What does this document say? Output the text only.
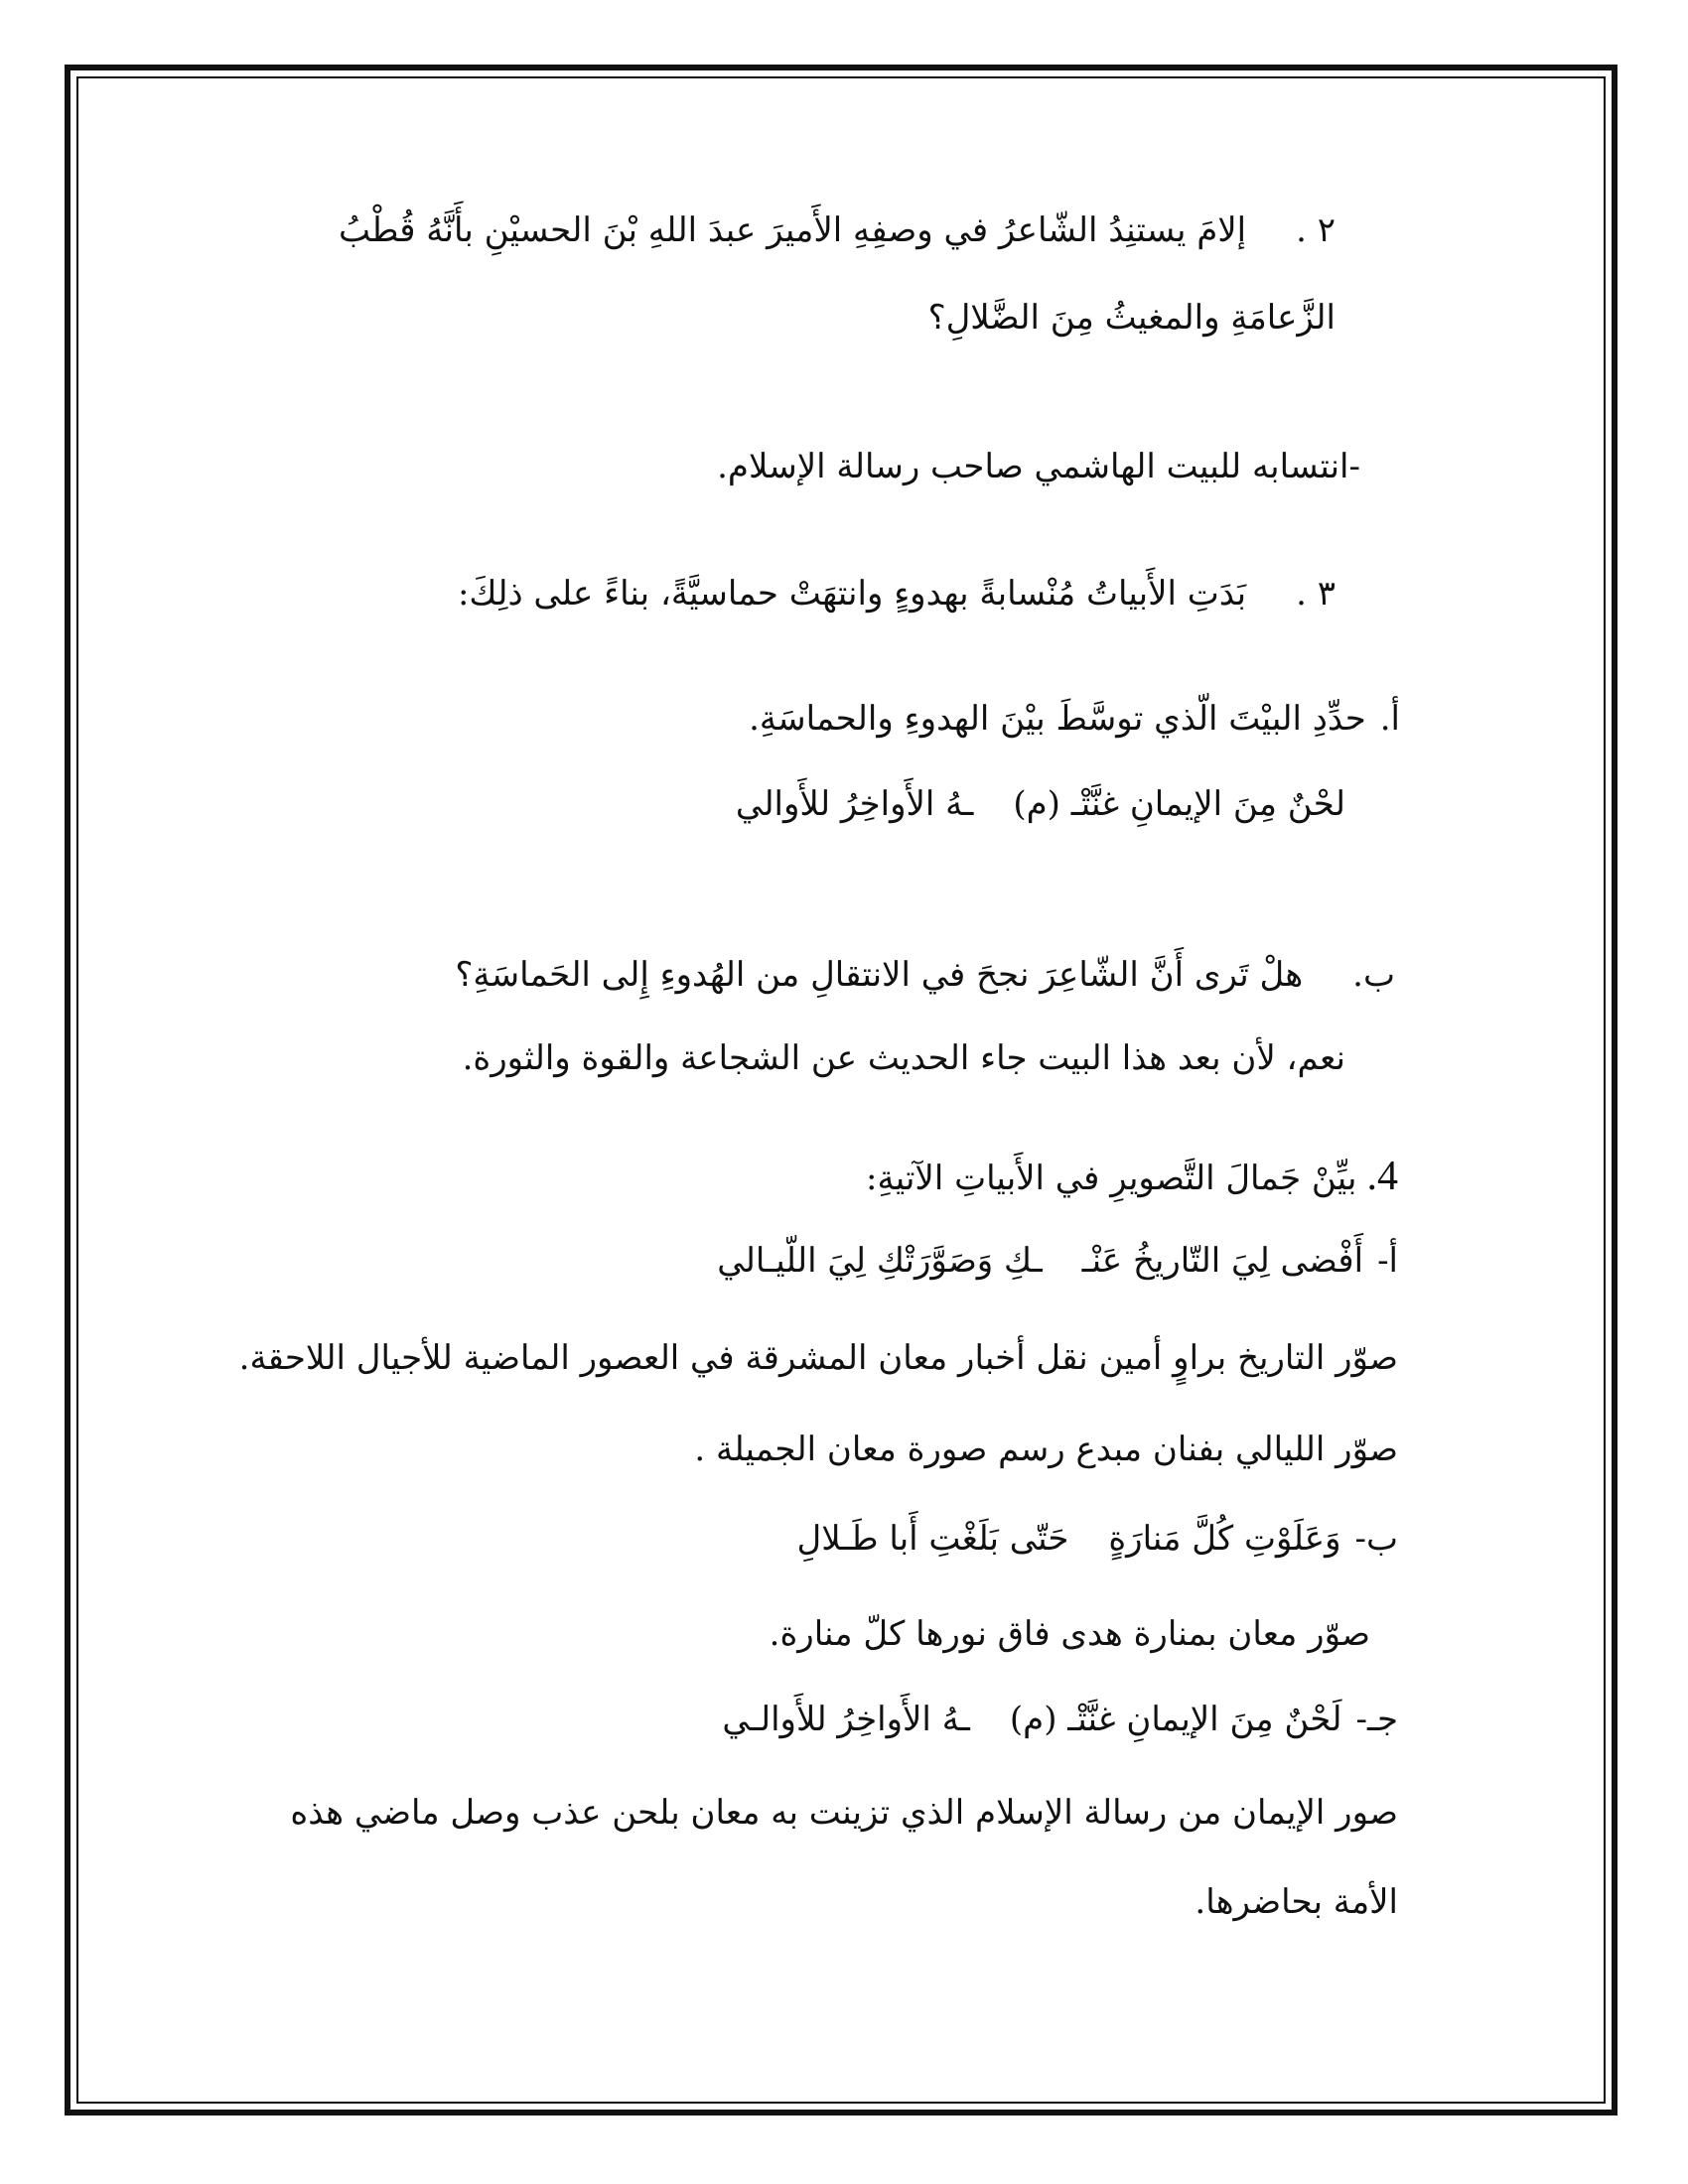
٢ .إلامَ يستنِدُ الشّاعرُ في وصفِهِ الأَميرَ عبدَ اللهِ بْنَ الحسيْنِ بأَنَّهُ قُطْبُ
الزَّعامَةِ والمغيثُ مِنَ الضَّلالِ؟
-انتسابه للبيت الهاشمي صاحب رسالة الإسلام.
٣ .بَدَتِ الأَبياتُ مُنْسابةً بهدوءٍ وانتهَتْ حماسيَّةً، بناءً على ذلِكَ:
أ.حدِّدِ البيْتَ الّذي توسَّطَ بيْنَ الهدوءِ والحماسَةِ.
لحْنٌ مِنَ الإيمانِ غنَّتْـ (م)ـهُ الأَواخِرُ للأَوالي
ب.هلْ تَرى أَنَّ الشّاعِرَ نجحَ في الانتقالِ من الهُدوءِ إِلى الحَماسَةِ؟
نعم، لأن بعد هذا البيت جاء الحديث عن الشجاعة والقوة والثورة.
4.بيِّنْ جَمالَ التَّصويرِ في الأَبياتِ الآتيةِ:
أ-أَفْضى لِيَ التّاريخُ عَنْــكِ وَصَوَّرَتْكِ لِيَ اللّيـالي
صوّر التاريخ براوٍ أمين نقل أخبار معان المشرقة في العصور الماضية للأجيال اللاحقة.
صوّر الليالي بفنان مبدع رسم صورة معان الجميلة .
ب-وَعَلَوْتِ كُلَّ مَنارَةٍحَتّى بَلَغْتِ أَبا طَـلالِ
صوّر معان بمنارة هدى فاق نورها كلّ منارة.
جـ-لَحْنٌ مِنَ الإيمانِ غنَّتْـ (م)ـهُ الأَواخِرُ للأَوالـي
صور الإيمان من رسالة الإسلام الذي تزينت به معان بلحن عذب وصل ماضي هذه
الأمة بحاضرها.
